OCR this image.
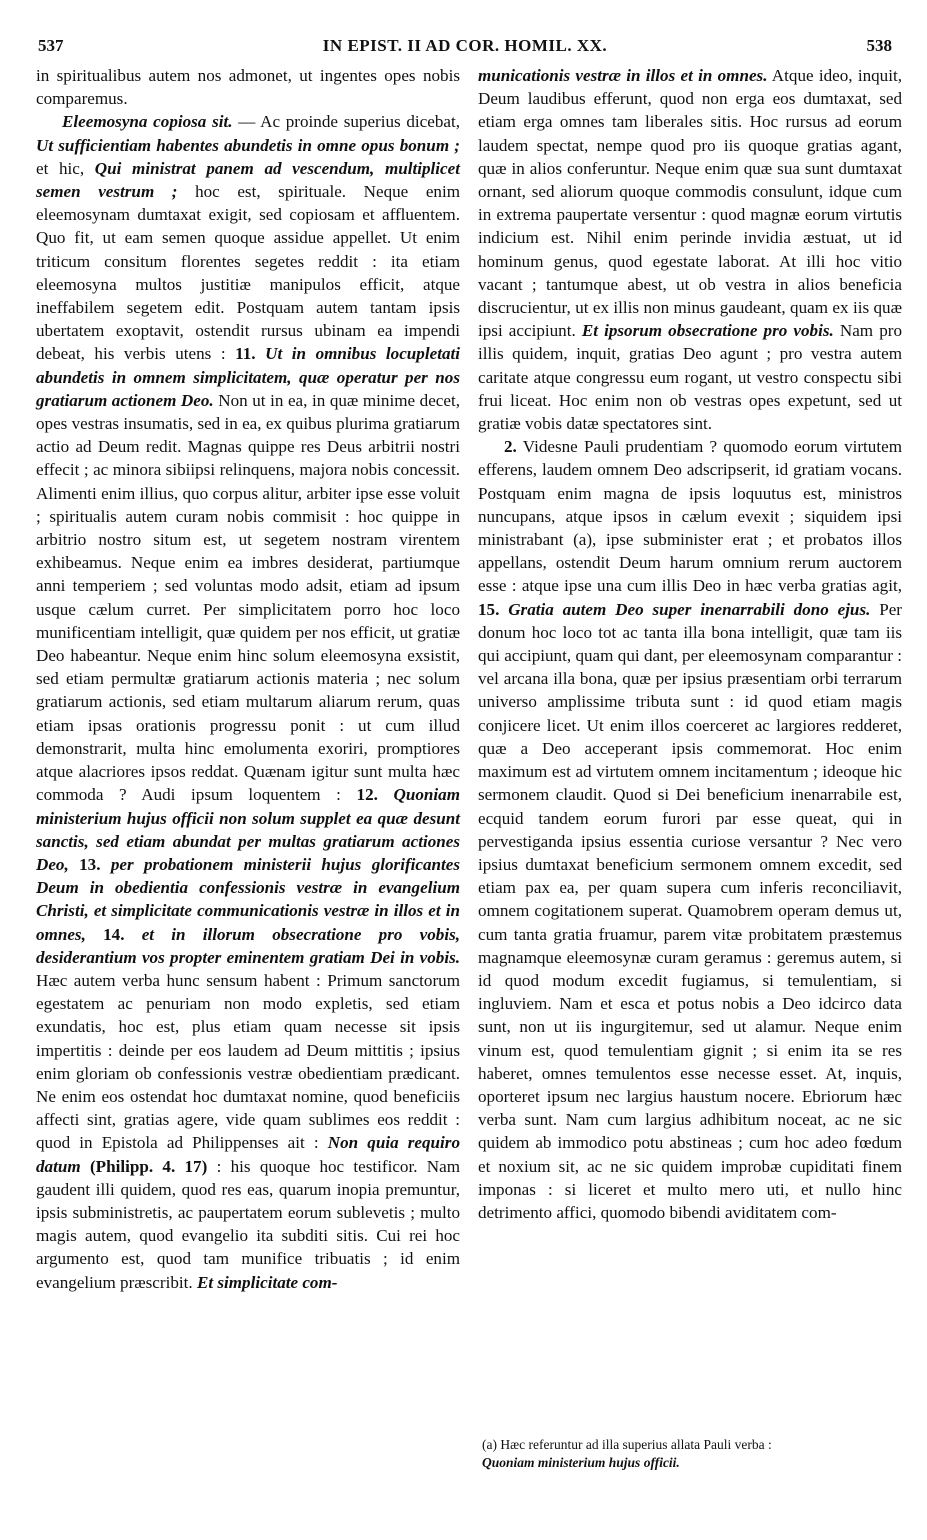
537	IN EPIST. II AD COR. HOMIL. XX.	538

in spiritualibus autem nos admonet, ut ingentes opes nobis comparemus.

Eleemosyna copiosa sit. — Ac proinde superius dicebat, Ut sufficientiam habentes abundetis in omne opus bonum ; et hic, Qui ministrat panem ad vescendum, multiplicet semen vestrum ; hoc est, spirituale. Neque enim eleemosynam dumtaxat exigit, sed copiosam et affluentem. Quo fit, ut eam semen quoque assidue appellet. Ut enim triticum consitum florentes segetes reddit : ita etiam eleemosyna multos justitiæ manipulos efficit, atque ineffabilem segetem edit. Postquam autem tantam ipsis ubertatem exoptavit, ostendit rursus ubinam ea impendi debeat, his verbis utens : 11. Ut in omnibus locupletati abundetis in omnem simplicitatem, quæ operatur per nos gratiarum actionem Deo. Non ut in ea, in quæ minime decet, opes vestras insumatis, sed in ea, ex quibus plurima gratiarum actio ad Deum redit. Magnas quippe res Deus arbitrii nostri effecit ; ac minora sibiipsi relinquens, majora nobis concessit. Alimenti enim illius, quo corpus alitur, arbiter ipse esse voluit ; spiritualis autem curam nobis commisit : hoc quippe in arbitrio nostro situm est, ut segetem nostram virentem exhibeamus. Neque enim ea imbres desiderat, partiumque anni temperiem ; sed voluntas modo adsit, etiam ad ipsum usque cælum curret. Per simplicitatem porro hoc loco munificentiam intelligit, quæ quidem per nos efficit, ut gratiæ Deo habeantur. Neque enim hinc solum eleemosyna exsistit, sed etiam permultæ gratiarum actionis materia ; nec solum gratiarum actionis, sed etiam multarum aliarum rerum, quas etiam ipsas orationis progressu ponit : ut cum illud demonstrarit, multa hinc emolumenta exoriri, promptiores atque alacriores ipsos reddat. Quænam igitur sunt multa hæc commoda ? Audi ipsum loquentem : 12. Quoniam ministerium hujus officii non solum supplet ea quæ desunt sanctis, sed etiam abundat per multas gratiarum actiones Deo, 13. per probationem ministerii hujus glorificantes Deum in obedientia confessionis vestræ in evangelium Christi, et simplicitate communicationis vestræ in illos et in omnes, 14. et in illorum obsecratione pro vobis, desiderantium vos propter eminentem gratiam Dei in vobis. Hæc autem verba hunc sensum habent : Primum sanctorum egestatem ac penuriam non modo expletis, sed etiam exundatis, hoc est, plus etiam quam necesse sit ipsis impertitis : deinde per eos laudem ad Deum mittitis ; ipsius enim gloriam ob confessionis vestræ obedientiam prædicant. Ne enim eos ostendat hoc dumtaxat nomine, quod beneficiis affecti sint, gratias agere, vide quam sublimes eos reddit : quod in Epistola ad Philippenses ait : Non quia requiro datum (Philipp. 4. 17) : his quoque hoc testificor. Nam gaudent illi quidem, quod res eas, quarum inopia premuntur, ipsis subministretis, ac paupertatem eorum sublevetis ; multo magis autem, quod evangelio ita subditi sitis. Cui rei hoc argumento est, quod tam munifice tribuatis ; id enim evangelium præscribit. Et simplicitate com-

municationis vestræ in illos et in omnes. Atque ideo, inquit, Deum laudibus efferunt, quod non erga eos dumtaxat, sed etiam erga omnes tam liberales sitis. Hoc rursus ad eorum laudem spectat, nempe quod pro iis quoque gratias agant, quæ in alios conferuntur. Neque enim quæ sua sunt dumtaxat ornant, sed aliorum quoque commodis consulunt, idque cum in extrema paupertate versentur : quod magnæ eorum virtutis indicium est. Nihil enim perinde invidia æstuat, ut id hominum genus, quod egestate laborat. At illi hoc vitio vacant ; tantumque abest, ut ob vestra in alios beneficia discrucientur, ut ex illis non minus gaudeant, quam ex iis quæ ipsi accipiunt. Et ipsorum obsecratione pro vobis. Nam pro illis quidem, inquit, gratias Deo agunt ; pro vestra autem caritate atque congressu eum rogant, ut vestro conspectu sibi frui liceat. Hoc enim non ob vestras opes expetunt, sed ut gratiæ vobis datæ spectatores sint.

2. Videsne Pauli prudentiam ? quomodo eorum virtutem efferens, laudem omnem Deo adscripserit, id gratiam vocans. Postquam enim magna de ipsis loquutus est, ministros nuncupans, atque ipsos in cælum evexit ; siquidem ipsi ministrabant (a), ipse subminister erat ; et probatos illos appellans, ostendit Deum harum omnium rerum auctorem esse : atque ipse una cum illis Deo in hæc verba gratias agit, 15. Gratia autem Deo super inenarrabili dono ejus. Per donum hoc loco tot ac tanta illa bona intelligit, quæ tam iis qui accipiunt, quam qui dant, per eleemosynam comparantur : vel arcana illa bona, quæ per ipsius præsentiam orbi terrarum universo amplissime tributa sunt : id quod etiam magis conjicere licet. Ut enim illos coerceret ac largiores redderet, quæ a Deo acceperant ipsis commemorat. Hoc enim maximum est ad virtutem omnem incitamentum ; ideoque hic sermonem claudit. Quod si Dei beneficium inenarrabile est, ecquid tandem eorum furori par esse queat, qui in pervestiganda ipsius essentia curiose versantur ? Nec vero ipsius dumtaxat beneficium sermonem omnem excedit, sed etiam pax ea, per quam supera cum inferis reconciliavit, omnem cogitationem superat. Quamobrem operam demus ut, cum tanta gratia fruamur, parem vitæ probitatem præstemus magnamque eleemosynæ curam geramus : geremus autem, si id quod modum excedit fugiamus, si temulentiam, si ingluviem. Nam et esca et potus nobis a Deo idcirco data sunt, non ut iis ingurgitemur, sed ut alamur. Neque enim vinum est, quod temulentiam gignit ; si enim ita se res haberet, omnes temulentos esse necesse esset. At, inquis, oporteret ipsum nec largius haustum nocere. Ebriorum hæc verba sunt. Nam cum largius adhibitum noceat, ac ne sic quidem ab immodico potu abstineas ; cum hoc adeo fœdum et noxium sit, ac ne sic quidem improbæ cupiditati finem imponas : si liceret et multo mero uti, et nullo hinc detrimento affici, quomodo bibendi aviditatem com-

(a) Hæc referuntur ad illa superius allata Pauli verba :
Quoniam ministerium hujus officii.
